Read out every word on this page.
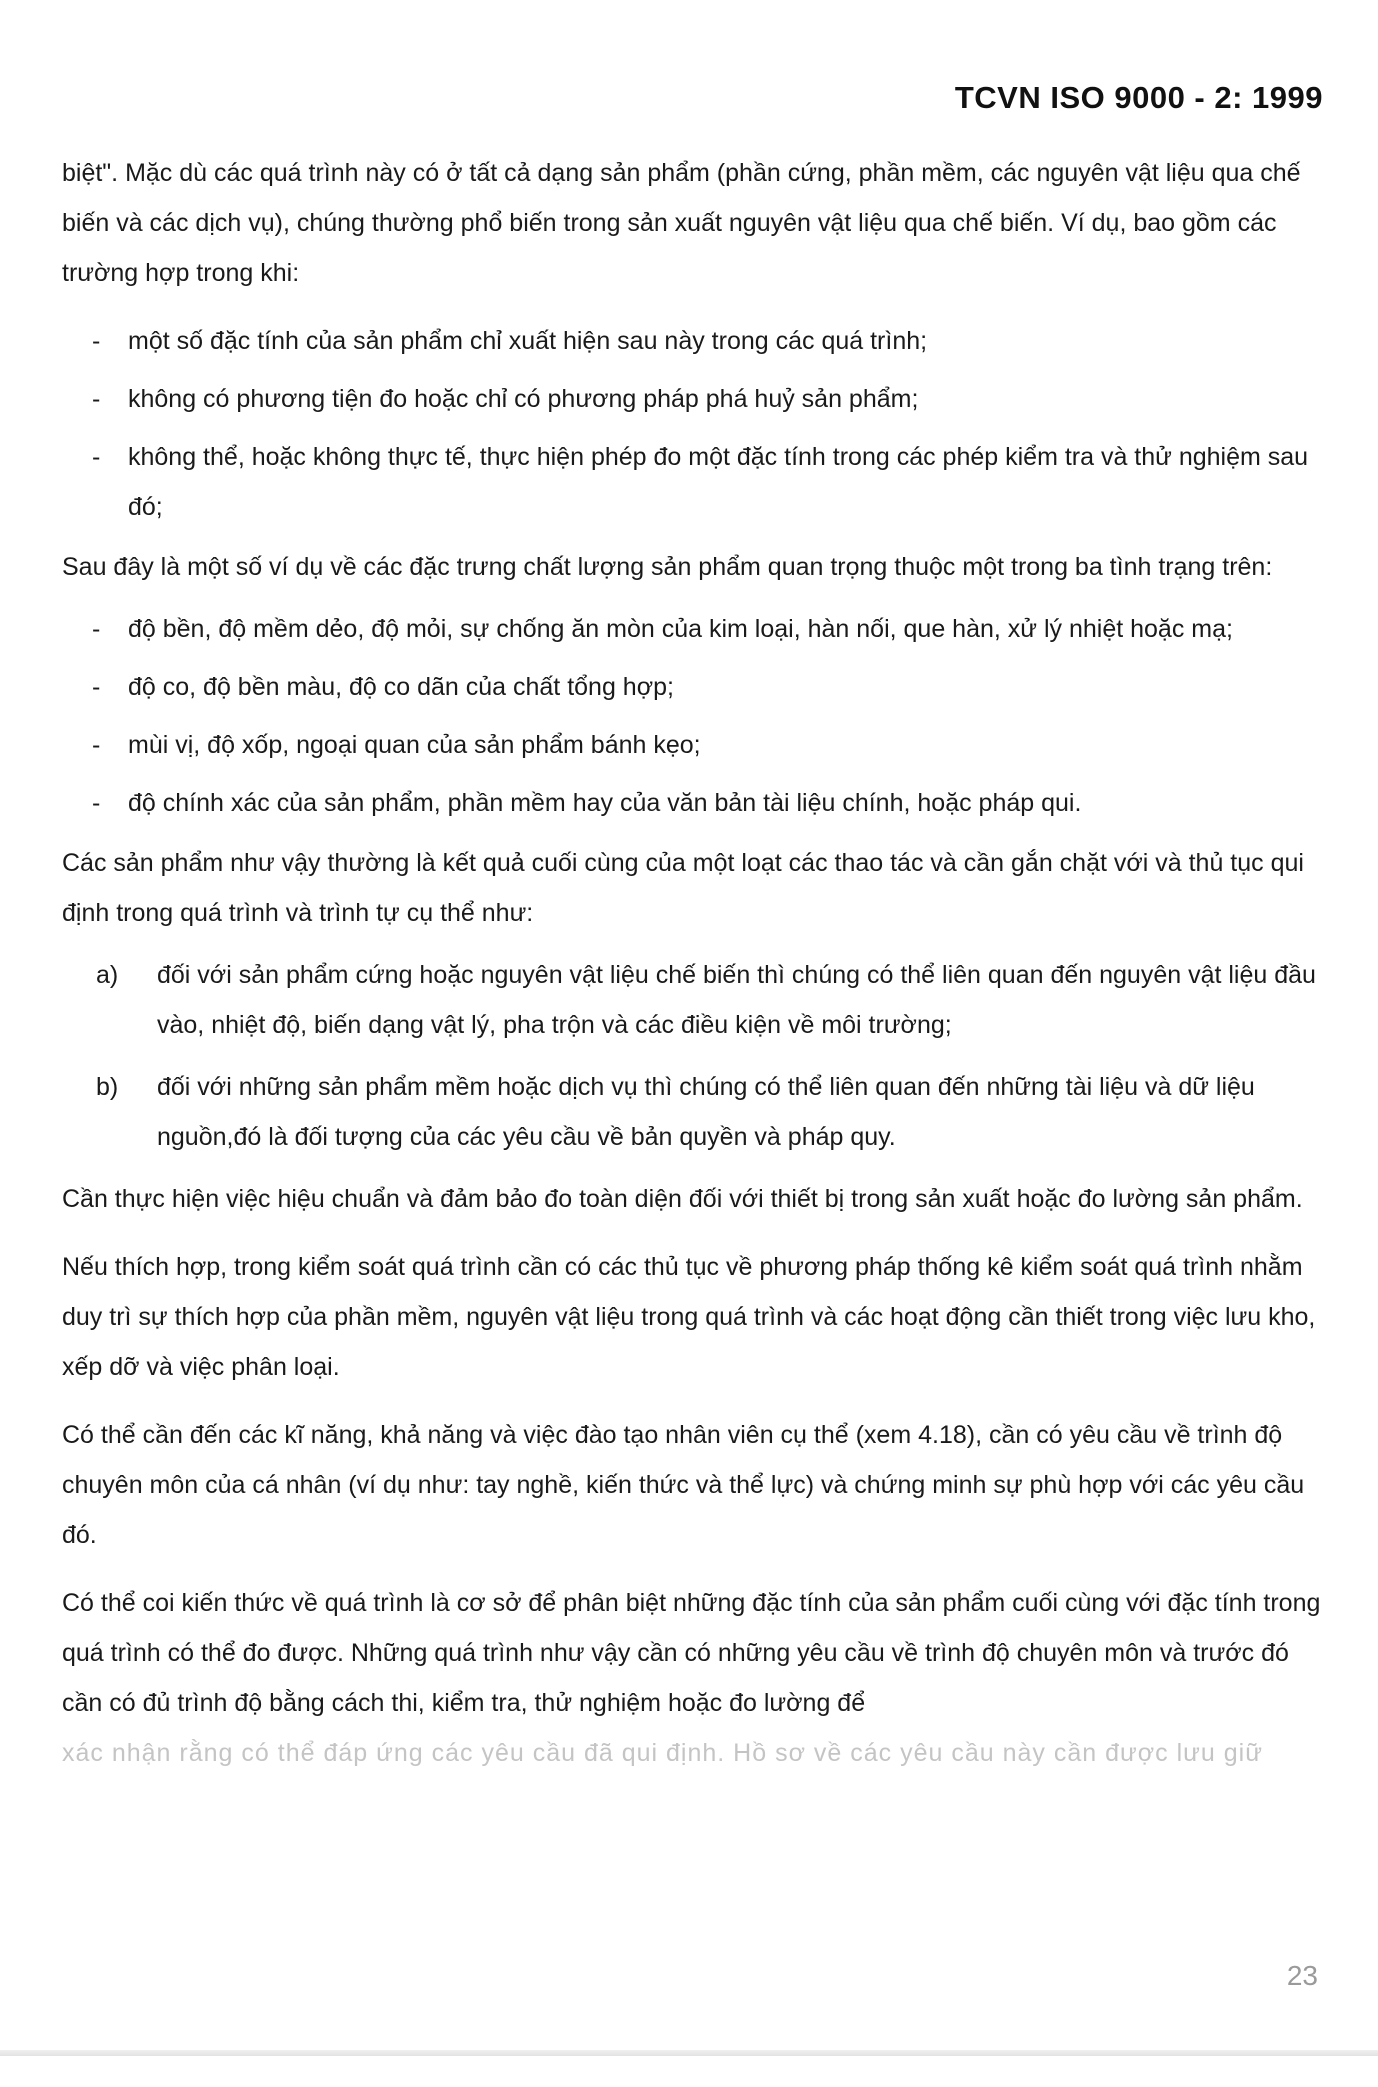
TCVN ISO 9000 - 2: 1999

biệt". Mặc dù các quá trình này có ở tất cả dạng sản phẩm (phần cứng, phần mềm, các nguyên vật liệu qua chế biến và các dịch vụ), chúng thường phổ biến trong sản xuất nguyên vật liệu qua chế biến. Ví dụ, bao gồm các trường hợp trong khi:

- một số đặc tính của sản phẩm chỉ xuất hiện sau này trong các quá trình;
- không có phương tiện đo hoặc chỉ có phương pháp phá huỷ sản phẩm;
- không thể, hoặc không thực tế, thực hiện phép đo một đặc tính trong các phép kiểm tra và thử nghiệm sau đó;

Sau đây là một số ví dụ về các đặc trưng chất lượng sản phẩm quan trọng thuộc một trong ba tình trạng trên:

- độ bền, độ mềm dẻo, độ mỏi, sự chống ăn mòn của kim loại, hàn nối, que hàn, xử lý nhiệt hoặc mạ;
- độ co, độ bền màu, độ co dãn của chất tổng hợp;
- mùi vị, độ xốp, ngoại quan của sản phẩm bánh kẹo;
- độ chính xác của sản phẩm, phần mềm hay của văn bản tài liệu chính, hoặc pháp qui.

Các sản phẩm như vậy thường là kết quả cuối cùng của một loạt các thao tác và cần gắn chặt với và thủ tục qui định trong quá trình và trình tự cụ thể như:

a) đối với sản phẩm cứng hoặc nguyên vật liệu chế biến thì chúng có thể liên quan đến nguyên vật liệu đầu vào, nhiệt độ, biến dạng vật lý, pha trộn và các điều kiện về môi trường;
b) đối với những sản phẩm mềm hoặc dịch vụ thì chúng có thể liên quan đến những tài liệu và dữ liệu nguồn,đó là đối tượng của các yêu cầu về bản quyền và pháp quy.

Cần thực hiện việc hiệu chuẩn và đảm bảo đo toàn diện đối với thiết bị trong sản xuất hoặc đo lường sản phẩm.

Nếu thích hợp, trong kiểm soát quá trình cần có các thủ tục về phương pháp thống kê kiểm soát quá trình nhằm duy trì sự thích hợp của phần mềm, nguyên vật liệu trong quá trình và các hoạt động cần thiết trong việc lưu kho, xếp dỡ và việc phân loại.

Có thể cần đến các kĩ năng, khả năng và việc đào tạo nhân viên cụ thể (xem 4.18), cần có yêu cầu về trình độ chuyên môn của cá nhân (ví dụ như: tay nghề, kiến thức và thể lực) và chứng minh sự phù hợp với các yêu cầu đó.

Có thể coi kiến thức về quá trình là cơ sở để phân biệt những đặc tính của sản phẩm cuối cùng với đặc tính trong quá trình có thể đo được. Những quá trình như vậy cần có những yêu cầu về trình độ chuyên môn và trước đó cần có đủ trình độ bằng cách thi, kiểm tra, thử nghiệm hoặc đo lường để
xác nhận rằng có thể đáp ứng các yêu cầu đã qui định. Hồ sơ về các yêu cầu này cần được lưu giữ

23
